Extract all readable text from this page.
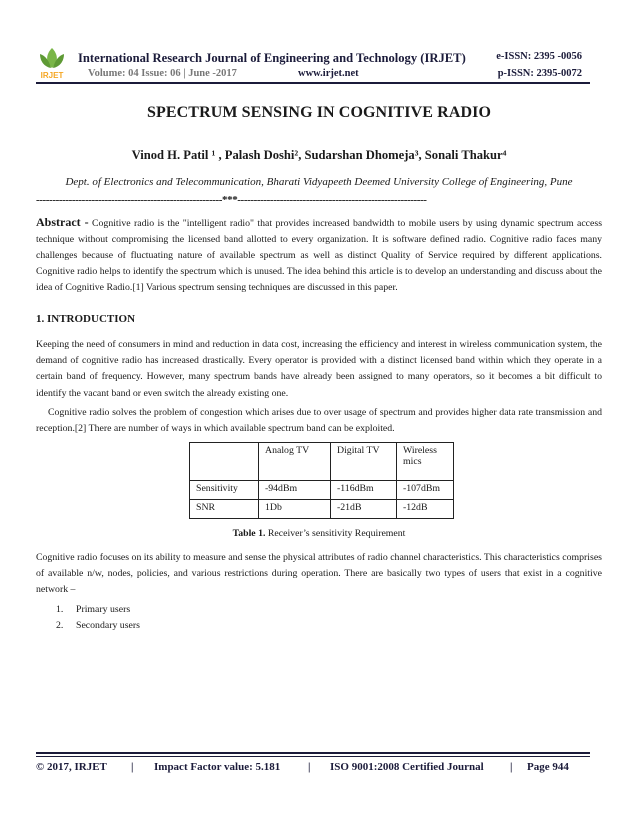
IRJET
International Research Journal of Engineering and Technology (IRJET)	e-ISSN: 2395 -0056
Volume: 04 Issue: 06 | June -2017	www.irjet.net	p-ISSN: 2395-0072
SPECTRUM SENSING IN COGNITIVE RADIO
Vinod H. Patil ¹ , Palash Doshi², Sudarshan Dhomeja³, Sonali Thakur⁴
Dept. of Electronics and Telecommunication, Bharati Vidyapeeth Deemed University College of Engineering, Pune
---------------------------------------------------------***----------------------------------------------------------
Abstract - Cognitive radio is the "intelligent radio" that provides increased bandwidth to mobile users by using dynamic spectrum access technique without compromising the licensed band allotted to every organization. It is software defined radio. Cognitive radio faces many challenges because of fluctuating nature of available spectrum as well as distinct Quality of Service required by different applications. Cognitive radio helps to identify the spectrum which is unused. The idea behind this article is to develop an understanding and discuss about the idea of Cognitive Radio.[1] Various spectrum sensing techniques are discussed in this paper.
1. INTRODUCTION
Keeping the need of consumers in mind and reduction in data cost, increasing the efficiency and interest in wireless communication system, the demand of cognitive radio has increased drastically. Every operator is provided with a distinct licensed band within which they operate in a certain band of frequency. However, many spectrum bands have already been assigned to many operators, so it becomes a bit difficult to identify the vacant band or even switch the already existing one.
Cognitive radio solves the problem of congestion which arises due to over usage of spectrum and provides higher data rate transmission and reception.[2] There are number of ways in which available spectrum band can be exploited.
	Analog TV	Digital TV	Wireless mics
Sensitivity	-94dBm	-116dBm	-107dBm
SNR	1Db	-21dB	-12dB
Table 1. Receiver’s sensitivity Requirement
Cognitive radio focuses on its ability to measure and sense the physical attributes of radio channel characteristics. This characteristics comprises of available n/w, nodes, policies, and various restrictions during operation. There are basically two types of users that exist in a cognitive network –
1. Primary users
2. Secondary users
© 2017, IRJET | Impact Factor value: 5.181	| ISO 9001:2008 Certified Journal | Page 944
